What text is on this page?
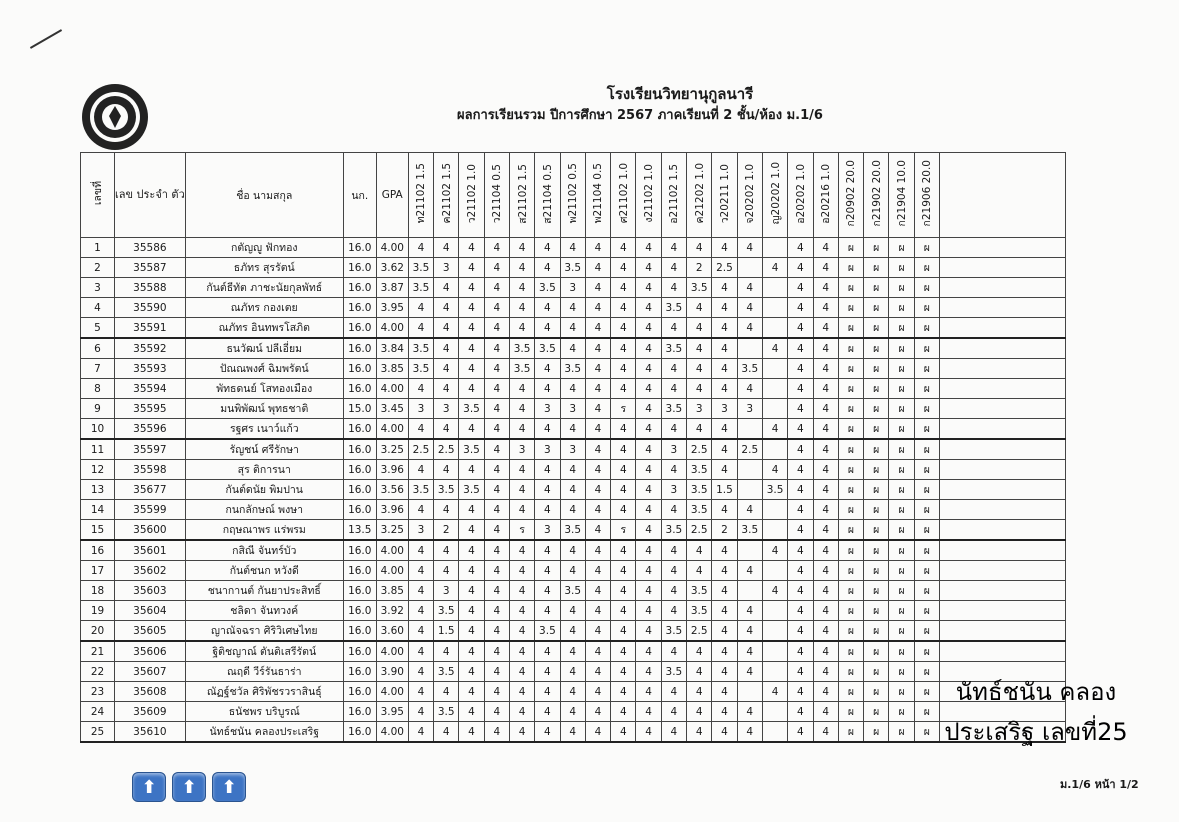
โรงเรียนวิทยานุกูลนารี
ผลการเรียนรวม ปีการศึกษา 2567 ภาคเรียนที่ 2 ชั้น/ห้อง ม.1/6
เลขที่	เลข ประจำ ตัว	ชื่อ นามสกุล	นก.	GPA	ท21102 1.5	ค21102 1.5	ว21102 1.0	ว21104 0.5	ส21102 1.5	ส21104 0.5	พ21102 0.5	พ21104 0.5	ศ21102 1.0	ง21102 1.0	อ21102 1.5	ค21202 1.0	ว20211 1.0	จ20202 1.0	ญ20202 1.0	อ20202 1.0	อ20216 1.0	ก20902 20.0	ก21902 20.0	ก21904 10.0	ก21906 20.0	
1	35586	กตัญญู ฟักทอง	16.0	4.00	4	4	4	4	4	4	4	4	4	4	4	4	4	4		4	4	ผ	ผ	ผ	ผ	
2	35587	ธภัทร สุรรัตน์	16.0	3.62	3.5	3	4	4	4	4	3.5	4	4	4	4	2	2.5		4	4	4	ผ	ผ	ผ	ผ	
3	35588	กันต์ธีทัต ภาชะนัยกุลพัทธ์	16.0	3.87	3.5	4	4	4	4	3.5	3	4	4	4	4	3.5	4	4		4	4	ผ	ผ	ผ	ผ	
4	35590	ณภัทร กองเตย	16.0	3.95	4	4	4	4	4	4	4	4	4	4	3.5	4	4	4		4	4	ผ	ผ	ผ	ผ	
5	35591	ณภัทร อินทพรโสภิต	16.0	4.00	4	4	4	4	4	4	4	4	4	4	4	4	4	4		4	4	ผ	ผ	ผ	ผ	
6	35592	ธนวัฒน์ ปลีเอี่ยม	16.0	3.84	3.5	4	4	4	3.5	3.5	4	4	4	4	3.5	4	4		4	4	4	ผ	ผ	ผ	ผ	
7	35593	ปัณณพงศ์ ฉิมพรัตน์	16.0	3.85	3.5	4	4	4	3.5	4	3.5	4	4	4	4	4	4	3.5		4	4	ผ	ผ	ผ	ผ	
8	35594	พัทธดนย์ โสทองเมือง	16.0	4.00	4	4	4	4	4	4	4	4	4	4	4	4	4	4		4	4	ผ	ผ	ผ	ผ	
9	35595	มนพิพัฒน์ พุทธชาติ	15.0	3.45	3	3	3.5	4	4	3	3	4	ร	4	3.5	3	3	3		4	4	ผ	ผ	ผ	ผ	
10	35596	รฐศร เนาว์แก้ว	16.0	4.00	4	4	4	4	4	4	4	4	4	4	4	4	4		4	4	4	ผ	ผ	ผ	ผ	
11	35597	รัญชน์ ศรีรักษา	16.0	3.25	2.5	2.5	3.5	4	3	3	3	4	4	4	3	2.5	4	2.5		4	4	ผ	ผ	ผ	ผ	
12	35598	สุร ติการนา	16.0	3.96	4	4	4	4	4	4	4	4	4	4	4	3.5	4		4	4	4	ผ	ผ	ผ	ผ	
13	35677	กันต์ดนัย พิมปาน	16.0	3.56	3.5	3.5	3.5	4	4	4	4	4	4	4	3	3.5	1.5		3.5	4	4	ผ	ผ	ผ	ผ	
14	35599	กนกลักษณ์ พงษา	16.0	3.96	4	4	4	4	4	4	4	4	4	4	4	3.5	4	4		4	4	ผ	ผ	ผ	ผ	
15	35600	กฤษณาพร แร่พรม	13.5	3.25	3	2	4	4	ร	3	3.5	4	ร	4	3.5	2.5	2	3.5		4	4	ผ	ผ	ผ	ผ	
16	35601	กสิณี จันทร์บัว	16.0	4.00	4	4	4	4	4	4	4	4	4	4	4	4	4		4	4	4	ผ	ผ	ผ	ผ	
17	35602	กันต์ชนก หวังดี	16.0	4.00	4	4	4	4	4	4	4	4	4	4	4	4	4	4		4	4	ผ	ผ	ผ	ผ	
18	35603	ชนากานต์ กันยาประสิทธิ์	16.0	3.85	4	3	4	4	4	4	3.5	4	4	4	4	3.5	4		4	4	4	ผ	ผ	ผ	ผ	
19	35604	ชลิดา จันทวงค์	16.0	3.92	4	3.5	4	4	4	4	4	4	4	4	4	3.5	4	4		4	4	ผ	ผ	ผ	ผ	
20	35605	ญาณัจฉรา ศิริวิเศษไทย	16.0	3.60	4	1.5	4	4	4	3.5	4	4	4	4	3.5	2.5	4	4		4	4	ผ	ผ	ผ	ผ	
21	35606	ฐิติชญาณ์ ตันติเสรีรัตน์	16.0	4.00	4	4	4	4	4	4	4	4	4	4	4	4	4	4		4	4	ผ	ผ	ผ	ผ	
22	35607	ณฤดี วีร์รันธาร่า	16.0	3.90	4	3.5	4	4	4	4	4	4	4	4	3.5	4	4	4		4	4	ผ	ผ	ผ	ผ	
23	35608	ณัฏฐ์ชวัล ศิริพัชรวราสินธุ์	16.0	4.00	4	4	4	4	4	4	4	4	4	4	4	4	4		4	4	4	ผ	ผ	ผ	ผ	
24	35609	ธนัชพร บริบูรณ์	16.0	3.95	4	3.5	4	4	4	4	4	4	4	4	4	4	4	4		4	4	ผ	ผ	ผ	ผ	
25	35610	นัทธ์ชนัน คลองประเสริฐ	16.0	4.00	4	4	4	4	4	4	4	4	4	4	4	4	4	4		4	4	ผ	ผ	ผ	ผ	
นัทธ์ชนัน คลอง
ประเสริฐ เลขที่25
⬆	⬆	⬆	ม.1/6 หน้า 1/2
